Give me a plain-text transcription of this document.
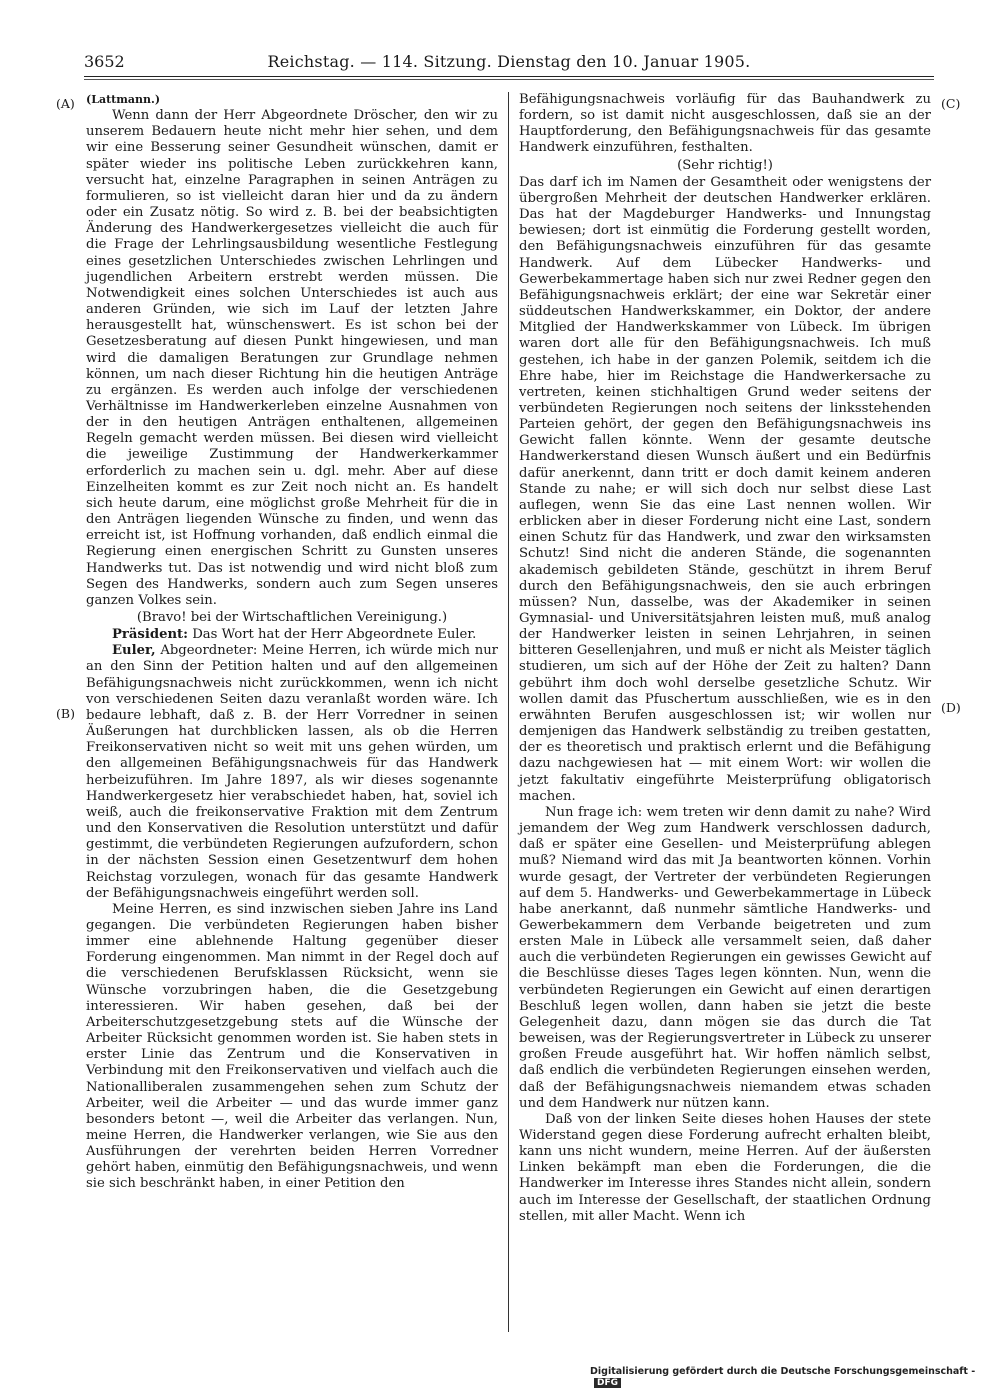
3652	Reichstag. — 114. Sitzung. Dienstag den 10. Januar 1905.
(A)
(B)
(C)
(D)

(Lattmann.)

Wenn dann der Herr Abgeordnete Dröscher, den wir zu unserem Bedauern heute nicht mehr hier sehen, und dem wir eine Besserung seiner Gesundheit wünschen, damit er später wieder ins politische Leben zurückkehren kann, versucht hat, einzelne Paragraphen in seinen Anträgen zu formulieren, so ist vielleicht daran hier und da zu ändern oder ein Zusatz nötig. So wird z. B. bei der beabsichtigten Änderung des Handwerkergesetzes vielleicht die auch für die Frage der Lehrlingsausbildung wesentliche Festlegung eines gesetzlichen Unterschiedes zwischen Lehrlingen und jugendlichen Arbeitern erstrebt werden müssen. Die Notwendigkeit eines solchen Unterschiedes ist auch aus anderen Gründen, wie sich im Lauf der letzten Jahre herausgestellt hat, wünschenswert. Es ist schon bei der Gesetzesberatung auf diesen Punkt hingewiesen, und man wird die damaligen Beratungen zur Grundlage nehmen können, um nach dieser Richtung hin die heutigen Anträge zu ergänzen. Es werden auch infolge der verschiedenen Verhältnisse im Handwerkerleben einzelne Ausnahmen von der in den heutigen Anträgen enthaltenen, allgemeinen Regeln gemacht werden müssen. Bei diesen wird vielleicht die jeweilige Zustimmung der Handwerkerkammer erforderlich zu machen sein u. dgl. mehr. Aber auf diese Einzelheiten kommt es zur Zeit noch nicht an. Es handelt sich heute darum, eine möglichst große Mehrheit für die in den Anträgen liegenden Wünsche zu finden, und wenn das erreicht ist, ist Hoffnung vorhanden, daß endlich einmal die Regierung einen energischen Schritt zu Gunsten unseres Handwerks tut. Das ist notwendig und wird nicht bloß zum Segen des Handwerks, sondern auch zum Segen unseres ganzen Volkes sein.

(Bravo! bei der Wirtschaftlichen Vereinigung.)

Präsident: Das Wort hat der Herr Abgeordnete Euler.

Euler, Abgeordneter: Meine Herren, ich würde mich nur an den Sinn der Petition halten und auf den allgemeinen Befähigungsnachweis nicht zurückkommen, wenn ich nicht von verschiedenen Seiten dazu veranlaßt worden wäre. Ich bedaure lebhaft, daß z. B. der Herr Vorredner in seinen Äußerungen hat durchblicken lassen, als ob die Herren Freikonservativen nicht so weit mit uns gehen würden, um den allgemeinen Befähigungsnachweis für das Handwerk herbeizuführen. Im Jahre 1897, als wir dieses sogenannte Handwerkergesetz hier verabschiedet haben, hat, soviel ich weiß, auch die freikonservative Fraktion mit dem Zentrum und den Konservativen die Resolution unterstützt und dafür gestimmt, die verbündeten Regierungen aufzufordern, schon in der nächsten Session einen Gesetzentwurf dem hohen Reichstag vorzulegen, wonach für das gesamte Handwerk der Befähigungsnachweis eingeführt werden soll.

Meine Herren, es sind inzwischen sieben Jahre ins Land gegangen. Die verbündeten Regierungen haben bisher immer eine ablehnende Haltung gegenüber dieser Forderung eingenommen. Man nimmt in der Regel doch auf die verschiedenen Berufsklassen Rücksicht, wenn sie Wünsche vorzubringen haben, die die Gesetzgebung interessieren. Wir haben gesehen, daß bei der Arbeiterschutzgesetzgebung stets auf die Wünsche der Arbeiter Rücksicht genommen worden ist. Sie haben stets in erster Linie das Zentrum und die Konservativen in Verbindung mit den Freikonservativen und vielfach auch die Nationalliberalen zusammengehen sehen zum Schutz der Arbeiter, weil die Arbeiter — und das wurde immer ganz besonders betont —, weil die Arbeiter das verlangen. Nun, meine Herren, die Handwerker verlangen, wie Sie aus den Ausführungen der verehrten beiden Herren Vorredner gehört haben, einmütig den Befähigungsnachweis, und wenn sie sich beschränkt haben, in einer Petition den

Befähigungsnachweis vorläufig für das Bauhandwerk zu fordern, so ist damit nicht ausgeschlossen, daß sie an der Hauptforderung, den Befähigungsnachweis für das gesamte Handwerk einzuführen, festhalten.

(Sehr richtig!)

Das darf ich im Namen der Gesamtheit oder wenigstens der übergroßen Mehrheit der deutschen Handwerker erklären. Das hat der Magdeburger Handwerks- und Innungstag bewiesen; dort ist einmütig die Forderung gestellt worden, den Befähigungsnachweis einzuführen für das gesamte Handwerk. Auf dem Lübecker Handwerks- und Gewerbekammertage haben sich nur zwei Redner gegen den Befähigungsnachweis erklärt; der eine war Sekretär einer süddeutschen Handwerkskammer, ein Doktor, der andere Mitglied der Handwerkskammer von Lübeck. Im übrigen waren dort alle für den Befähigungsnachweis. Ich muß gestehen, ich habe in der ganzen Polemik, seitdem ich die Ehre habe, hier im Reichstage die Handwerkersache zu vertreten, keinen stichhaltigen Grund weder seitens der verbündeten Regierungen noch seitens der linksstehenden Parteien gehört, der gegen den Befähigungsnachweis ins Gewicht fallen könnte. Wenn der gesamte deutsche Handwerkerstand diesen Wunsch äußert und ein Bedürfnis dafür anerkennt, dann tritt er doch damit keinem anderen Stande zu nahe; er will sich doch nur selbst diese Last auflegen, wenn Sie das eine Last nennen wollen. Wir erblicken aber in dieser Forderung nicht eine Last, sondern einen Schutz für das Handwerk, und zwar den wirksamsten Schutz! Sind nicht die anderen Stände, die sogenannten akademisch gebildeten Stände, geschützt in ihrem Beruf durch den Befähigungsnachweis, den sie auch erbringen müssen? Nun, dasselbe, was der Akademiker in seinen Gymnasial- und Universitätsjahren leisten muß, muß analog der Handwerker leisten in seinen Lehrjahren, in seinen bitteren Gesellenjahren, und muß er nicht als Meister täglich studieren, um sich auf der Höhe der Zeit zu halten? Dann gebührt ihm doch wohl derselbe gesetzliche Schutz. Wir wollen damit das Pfuschertum ausschließen, wie es in den erwähnten Berufen ausgeschlossen ist; wir wollen nur demjenigen das Handwerk selbständig zu treiben gestatten, der es theoretisch und praktisch erlernt und die Befähigung dazu nachgewiesen hat — mit einem Wort: wir wollen die jetzt fakultativ eingeführte Meisterprüfung obligatorisch machen.

Nun frage ich: wem treten wir denn damit zu nahe? Wird jemandem der Weg zum Handwerk verschlossen dadurch, daß er später eine Gesellen- und Meisterprüfung ablegen muß? Niemand wird das mit Ja beantworten können. Vorhin wurde gesagt, der Vertreter der verbündeten Regierungen auf dem 5. Handwerks- und Gewerbekammertage in Lübeck habe anerkannt, daß nunmehr sämtliche Handwerks- und Gewerbekammern dem Verbande beigetreten und zum ersten Male in Lübeck alle versammelt seien, daß daher auch die verbündeten Regierungen ein gewisses Gewicht auf die Beschlüsse dieses Tages legen könnten. Nun, wenn die verbündeten Regierungen ein Gewicht auf einen derartigen Beschluß legen wollen, dann haben sie jetzt die beste Gelegenheit dazu, dann mögen sie das durch die Tat beweisen, was der Regierungsvertreter in Lübeck zu unserer großen Freude ausgeführt hat. Wir hoffen nämlich selbst, daß endlich die verbündeten Regierungen einsehen werden, daß der Befähigungsnachweis niemandem etwas schaden und dem Handwerk nur nützen kann.

Daß von der linken Seite dieses hohen Hauses der stete Widerstand gegen diese Forderung aufrecht erhalten bleibt, kann uns nicht wundern, meine Herren. Auf der äußersten Linken bekämpft man eben die Forderungen, die die Handwerker im Interesse ihres Standes nicht allein, sondern auch im Interesse der Gesellschaft, der staatlichen Ordnung stellen, mit aller Macht. Wenn ich

Digitalisierung gefördert durch die Deutsche Forschungsgemeinschaft -DFG
